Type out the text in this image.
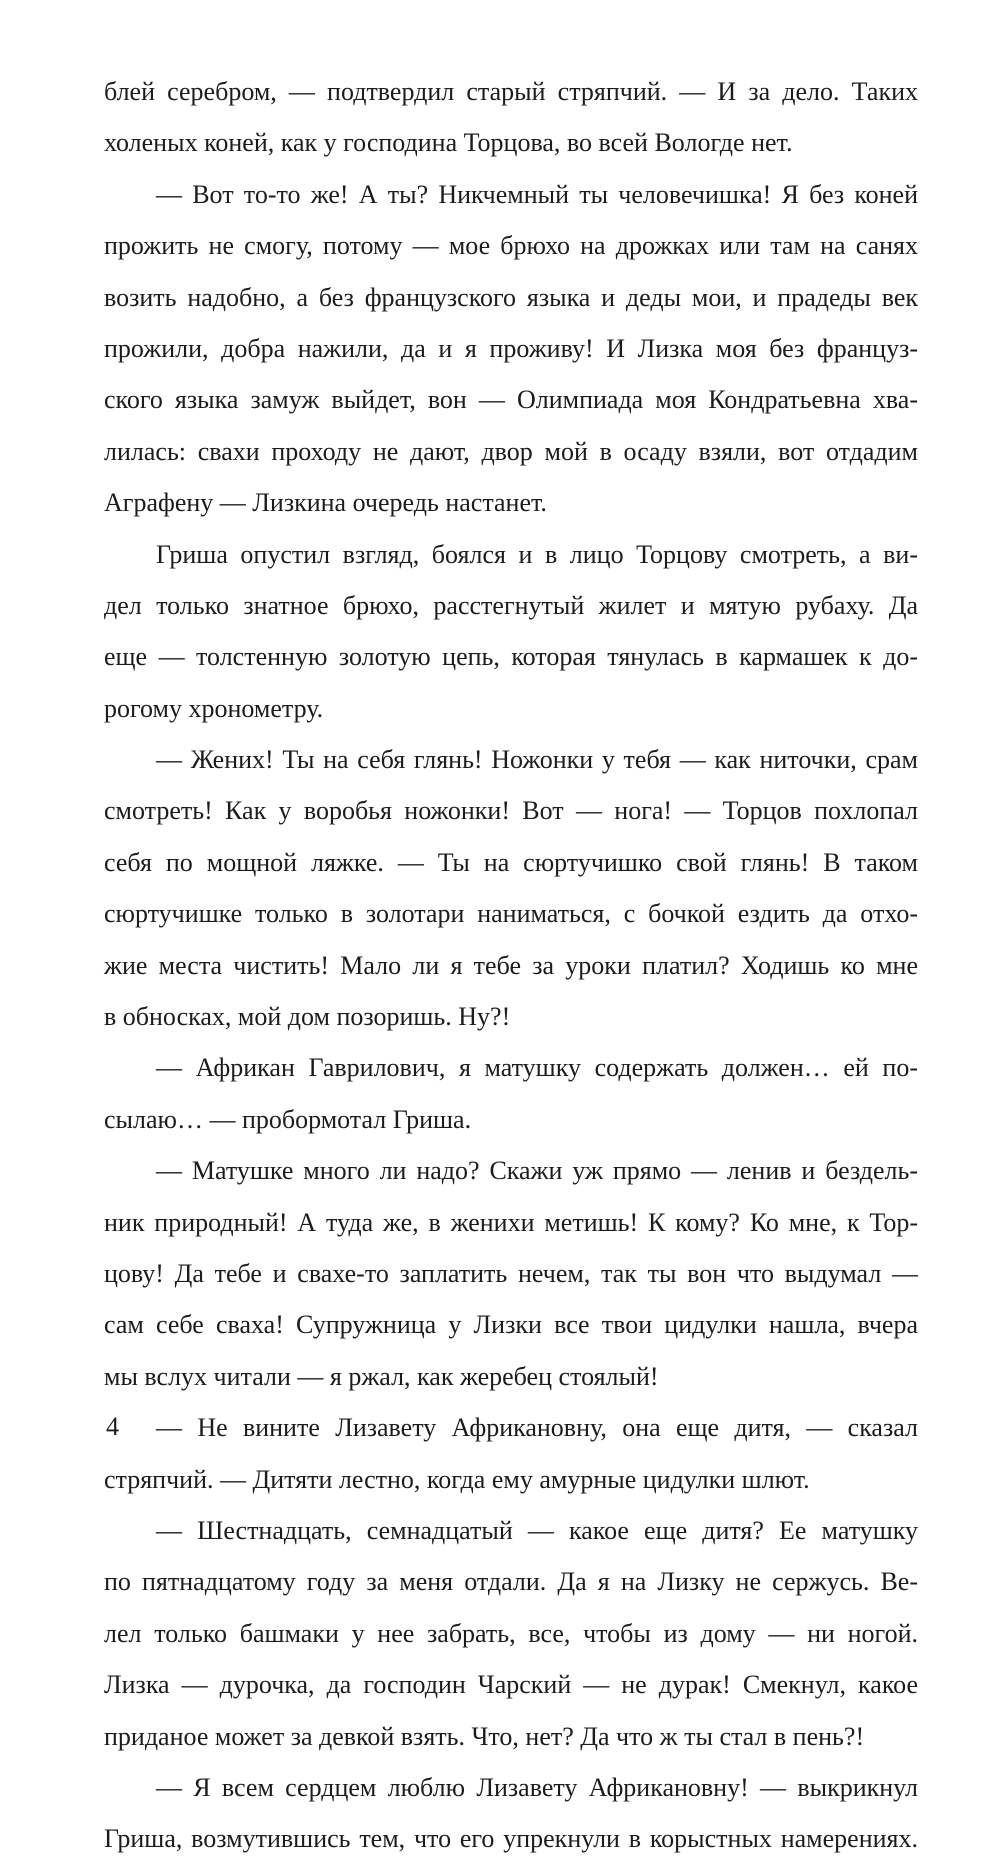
блей серебром, — подтвердил старый стряпчий. — И за дело. Таких
холеных коней, как у господина Торцова, во всей Вологде нет.
— Вот то-то же! А ты? Никчемный ты человечишка! Я без коней
прожить не смогу, потому — мое брюхо на дрожках или там на санях
возить надобно, а без французского языка и деды мои, и прадеды век
прожили, добра нажили, да и я проживу! И Лизка моя без француз-
ского языка замуж выйдет, вон — Олимпиада моя Кондратьевна хва-
лилась: свахи проходу не дают, двор мой в осаду взяли, вот отдадим
Аграфену — Лизкина очередь настанет.
Гриша опустил взгляд, боялся и в лицо Торцову смотреть, а ви-
дел только знатное брюхо, расстегнутый жилет и мятую рубаху. Да
еще — толстенную золотую цепь, которая тянулась в кармашек к до-
рогому хронометру.
— Жених! Ты на себя глянь! Ножонки у тебя — как ниточки, срам
смотреть! Как у воробья ножонки! Вот — нога! — Торцов похлопал
себя по мощной ляжке. — Ты на сюртучишко свой глянь! В таком
сюртучишке только в золотари наниматься, с бочкой ездить да отхо-
жие места чистить! Мало ли я тебе за уроки платил? Ходишь ко мне
в обносках, мой дом позоришь. Ну?!
— Африкан Гаврилович, я матушку содержать должен… ей по-
сылаю… — пробормотал Гриша.
— Матушке много ли надо? Скажи уж прямо — ленив и бездель-
ник природный! А туда же, в женихи метишь! К кому? Ко мне, к Тор-
цову! Да тебе и свахе-то заплатить нечем, так ты вон что выдумал —
сам себе сваха! Супружница у Лизки все твои цидулки нашла, вчера
мы вслух читали — я ржал, как жеребец стоялый!
— Не вините Лизавету Африкановну, она еще дитя, — сказал
стряпчий. — Дитяти лестно, когда ему амурные цидулки шлют.
— Шестнадцать, семнадцатый — какое еще дитя? Ее матушку
по пятнадцатому году за меня отдали. Да я на Лизку не сержусь. Ве-
лел только башмаки у нее забрать, все, чтобы из дому — ни ногой.
Лизка — дурочка, да господин Чарский — не дурак! Смекнул, какое
приданое может за девкой взять. Что, нет? Да что ж ты стал в пень?!
— Я всем сердцем люблю Лизавету Африкановну! — выкрикнул
Гриша, возмутившись тем, что его упрекнули в корыстных намерениях.
4
